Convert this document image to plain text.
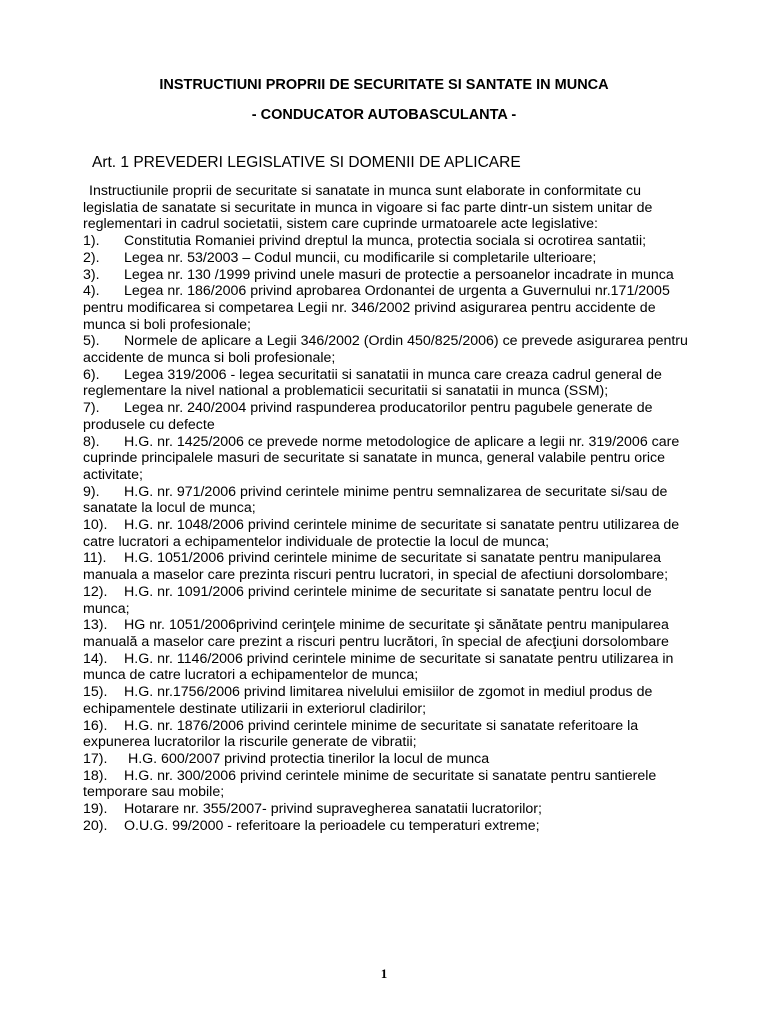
INSTRUCTIUNI PROPRII DE SECURITATE SI SANTATE IN MUNCA
- CONDUCATOR AUTOBASCULANTA -
Art. 1 PREVEDERI LEGISLATIVE SI DOMENII DE APLICARE
Instructiunile proprii de securitate si sanatate in munca sunt elaborate in conformitate cu legislatia de sanatate si securitate in munca in vigoare si fac parte dintr-un sistem unitar de reglementari in cadrul societatii, sistem care cuprinde urmatoarele acte legislative:
1). Constitutia Romaniei privind dreptul la munca, protectia sociala si ocrotirea santatii;
2). Legea nr. 53/2003 – Codul muncii, cu modificarile si completarile ulterioare;
3). Legea nr. 130 /1999 privind unele masuri de protectie a persoanelor incadrate in munca
4). Legea nr. 186/2006 privind aprobarea Ordonantei de urgenta a Guvernului nr.171/2005 pentru modificarea si competarea Legii nr. 346/2002 privind asigurarea pentru accidente de munca si boli profesionale;
5). Normele de aplicare a Legii 346/2002 (Ordin 450/825/2006) ce prevede asigurarea pentru accidente de munca si boli profesionale;
6). Legea 319/2006 - legea securitatii si sanatatii in munca care creaza cadrul general de reglementare la nivel national a problematicii securitatii si sanatatii in munca (SSM);
7). Legea nr. 240/2004 privind raspunderea producatorilor pentru pagubele generate de produsele cu defecte
8). H.G. nr. 1425/2006 ce prevede norme metodologice de aplicare a legii nr. 319/2006 care cuprinde principalele masuri de securitate si sanatate in munca, general valabile pentru orice activitate;
9). H.G. nr. 971/2006 privind cerintele minime pentru semnalizarea de securitate si/sau de sanatate la locul de munca;
10). H.G. nr. 1048/2006 privind cerintele minime de securitate si sanatate pentru utilizarea de catre lucratori a echipamentelor individuale de protectie la locul de munca;
11). H.G. 1051/2006 privind cerintele minime de securitate si sanatate pentru manipularea manuala a maselor care prezinta riscuri pentru lucratori, in special de afectiuni dorsolombare;
12). H.G. nr. 1091/2006 privind cerintele minime de securitate si sanatate pentru locul de munca;
13). HG nr. 1051/2006privind cerinţele minime de securitate şi sănătate pentru manipularea manuală a maselor care prezint a riscuri pentru lucrători, în special de afecţiuni dorsolombare
14). H.G. nr. 1146/2006 privind cerintele minime de securitate si sanatate pentru utilizarea in munca de catre lucratori a echipamentelor de munca;
15). H.G. nr.1756/2006 privind limitarea nivelului emisiilor de zgomot in mediul produs de echipamentele destinate utilizarii in exteriorul cladirilor;
16). H.G. nr. 1876/2006 privind cerintele minime de securitate si sanatate referitoare la expunerea lucratorilor la riscurile generate de vibratii;
17). H.G. 600/2007 privind protectia tinerilor la locul de munca
18). H.G. nr. 300/2006 privind cerintele minime de securitate si sanatate pentru santierele temporare sau mobile;
19). Hotarare nr. 355/2007- privind supravegherea sanatatii lucratorilor;
20). O.U.G. 99/2000 - referitoare la perioadele cu temperaturi extreme;
1
